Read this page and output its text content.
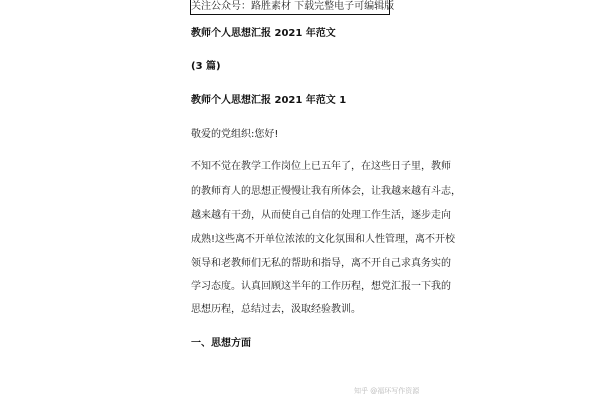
关注公众号：路胜素材 下载完整电子可编辑版
教师个人思想汇报 2021 年范文
(3 篇)
教师个人思想汇报 2021 年范文 1
敬爱的党组织:您好!
不知不觉在教学工作岗位上已五年了，在这些日子里，教师
的教师育人的思想正慢慢让我有所体会，让我越来越有斗志，
越来越有干劲，从而使自己自信的处理工作生活，逐步走向
成熟!这些离不开单位浓浓的文化氛围和人性管理，离不开校
领导和老教师们无私的帮助和指导，离不开自己求真务实的
学习态度。认真回顾这半年的工作历程，想党汇报一下我的
思想历程，总结过去，汲取经验教训。
一、思想方面
知乎 @福环写作资源
